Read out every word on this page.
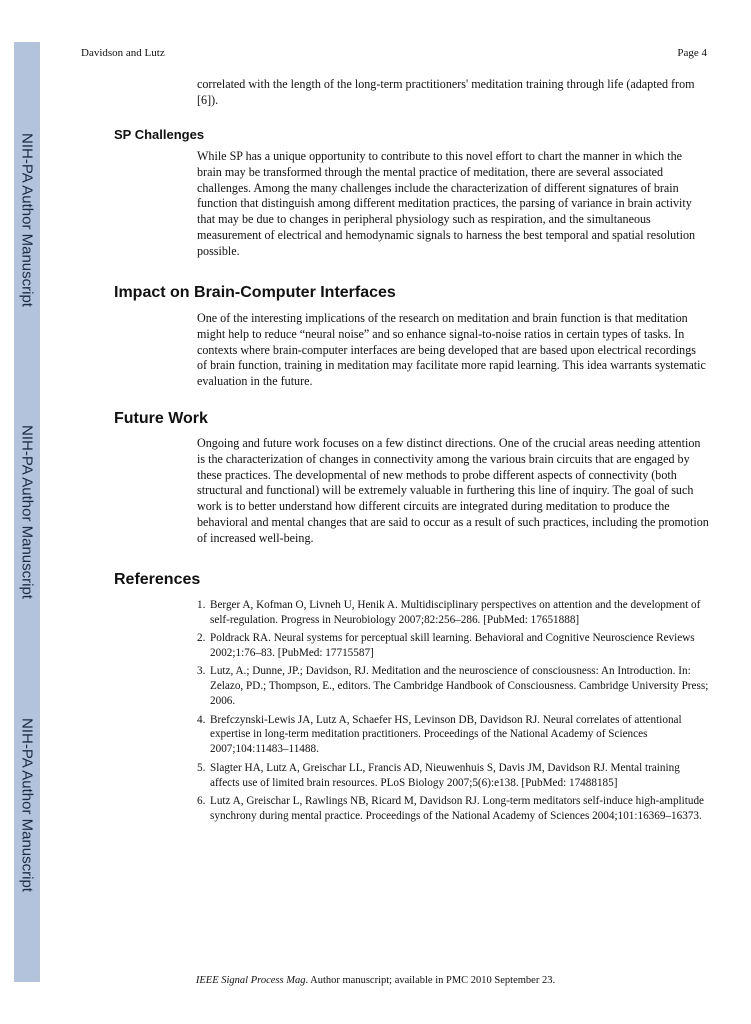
NIH-PA Author Manuscript
NIH-PA Author Manuscript
NIH-PA Author Manuscript
Davidson and Lutz	Page 4
correlated with the length of the long-term practitioners' meditation training through life (adapted from [6]).
SP Challenges
While SP has a unique opportunity to contribute to this novel effort to chart the manner in which the brain may be transformed through the mental practice of meditation, there are several associated challenges. Among the many challenges include the characterization of different signatures of brain function that distinguish among different meditation practices, the parsing of variance in brain activity that may be due to changes in peripheral physiology such as respiration, and the simultaneous measurement of electrical and hemodynamic signals to harness the best temporal and spatial resolution possible.
Impact on Brain-Computer Interfaces
One of the interesting implications of the research on meditation and brain function is that meditation might help to reduce “neural noise” and so enhance signal-to-noise ratios in certain types of tasks. In contexts where brain-computer interfaces are being developed that are based upon electrical recordings of brain function, training in meditation may facilitate more rapid learning. This idea warrants systematic evaluation in the future.
Future Work
Ongoing and future work focuses on a few distinct directions. One of the crucial areas needing attention is the characterization of changes in connectivity among the various brain circuits that are engaged by these practices. The developmental of new methods to probe different aspects of connectivity (both structural and functional) will be extremely valuable in furthering this line of inquiry. The goal of such work is to better understand how different circuits are integrated during meditation to produce the behavioral and mental changes that are said to occur as a result of such practices, including the promotion of increased well-being.
References
1. Berger A, Kofman O, Livneh U, Henik A. Multidisciplinary perspectives on attention and the development of self-regulation. Progress in Neurobiology 2007;82:256–286. [PubMed: 17651888]
2. Poldrack RA. Neural systems for perceptual skill learning. Behavioral and Cognitive Neuroscience Reviews 2002;1:76–83. [PubMed: 17715587]
3. Lutz, A.; Dunne, JP.; Davidson, RJ. Meditation and the neuroscience of consciousness: An Introduction. In: Zelazo, PD.; Thompson, E., editors. The Cambridge Handbook of Consciousness. Cambridge University Press; 2006.
4. Brefczynski-Lewis JA, Lutz A, Schaefer HS, Levinson DB, Davidson RJ. Neural correlates of attentional expertise in long-term meditation practitioners. Proceedings of the National Academy of Sciences 2007;104:11483–11488.
5. Slagter HA, Lutz A, Greischar LL, Francis AD, Nieuwenhuis S, Davis JM, Davidson RJ. Mental training affects use of limited brain resources. PLoS Biology 2007;5(6):e138. [PubMed: 17488185]
6. Lutz A, Greischar L, Rawlings NB, Ricard M, Davidson RJ. Long-term meditators self-induce high-amplitude synchrony during mental practice. Proceedings of the National Academy of Sciences 2004;101:16369–16373.
IEEE Signal Process Mag. Author manuscript; available in PMC 2010 September 23.
